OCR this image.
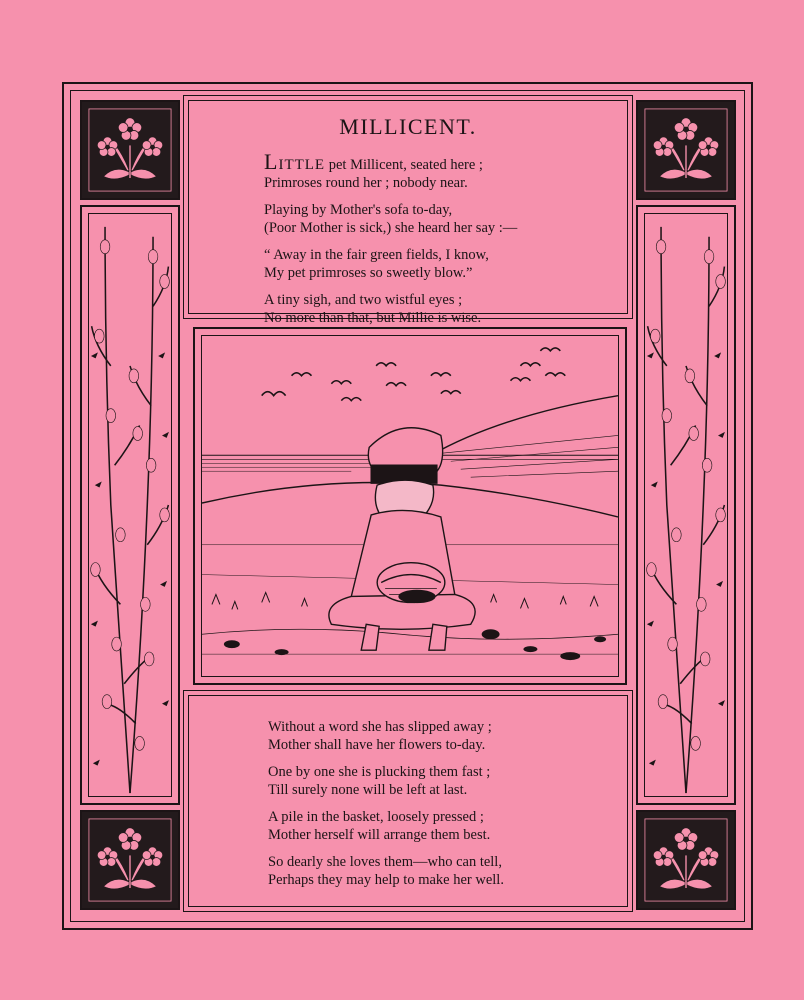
MILLICENT.
LITTLE pet Millicent, seated here ;
Primroses round her ; nobody near.
Playing by Mother's sofa to-day,
(Poor Mother is sick,) she heard her say :—
“ Away in the fair green fields, I know,
My pet primroses so sweetly blow.”
A tiny sigh, and two wistful eyes ;
No more than that, but Millie is wise.
Without a word she has slipped away ;
Mother shall have her flowers to-day.
One by one she is plucking them fast ;
Till surely none will be left at last.
A pile in the basket, loosely pressed ;
Mother herself will arrange them best.
So dearly she loves them—who can tell,
Perhaps they may help to make her well.
